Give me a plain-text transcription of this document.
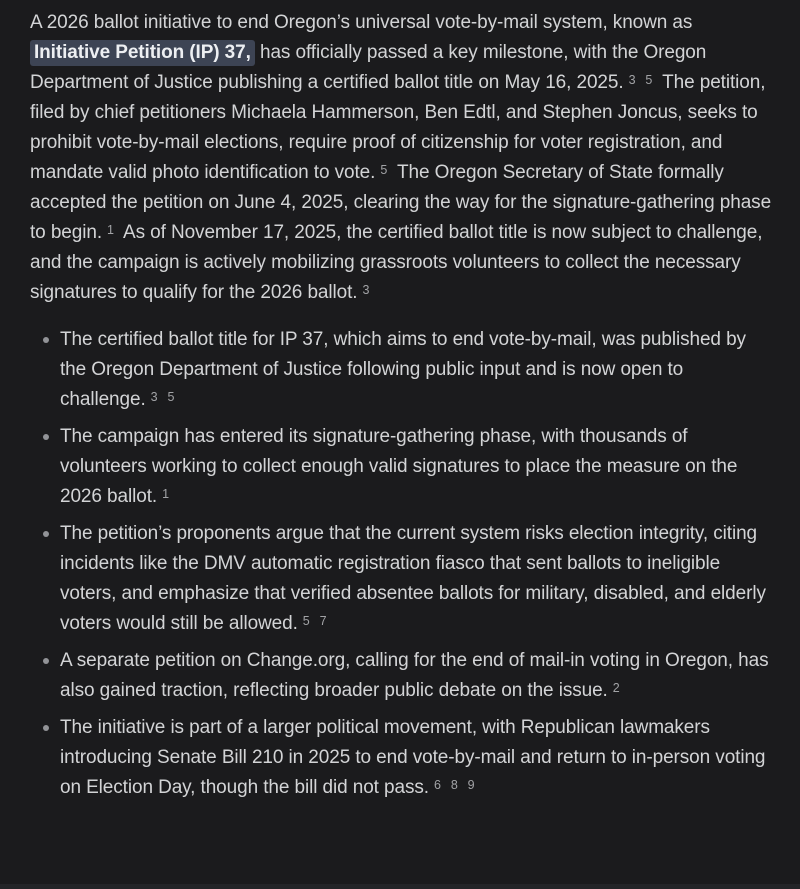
A 2026 ballot initiative to end Oregon’s universal vote-by-mail system, known as Initiative Petition (IP) 37, has officially passed a key milestone, with the Oregon Department of Justice publishing a certified ballot title on May 16, 2025. $^3$ $^5$ The petition, filed by chief petitioners Michaela Hammerson, Ben Edtl, and Stephen Joncus, seeks to prohibit vote-by-mail elections, require proof of citizenship for voter registration, and mandate valid photo identification to vote. $^5$ The Oregon Secretary of State formally accepted the petition on June 4, 2025, clearing the way for the signature-gathering phase to begin. $^1$ As of November 17, 2025, the certified ballot title is now subject to challenge, and the campaign is actively mobilizing grassroots volunteers to collect the necessary signatures to qualify for the 2026 ballot. $^3$

The certified ballot title for IP 37, which aims to end vote-by-mail, was published by the Oregon Department of Justice following public input and is now open to challenge. $^3$ $^5$
The campaign has entered its signature-gathering phase, with thousands of volunteers working to collect enough valid signatures to place the measure on the 2026 ballot. $^1$
The petition’s proponents argue that the current system risks election integrity, citing incidents like the DMV automatic registration fiasco that sent ballots to ineligible voters, and emphasize that verified absentee ballots for military, disabled, and elderly voters would still be allowed. $^5$ $^7$
A separate petition on Change.org, calling for the end of mail-in voting in Oregon, has also gained traction, reflecting broader public debate on the issue. $^2$
The initiative is part of a larger political movement, with Republican lawmakers introducing Senate Bill 210 in 2025 to end vote-by-mail and return to in-person voting on Election Day, though the bill did not pass. $^6$ $^8$ $^9$
